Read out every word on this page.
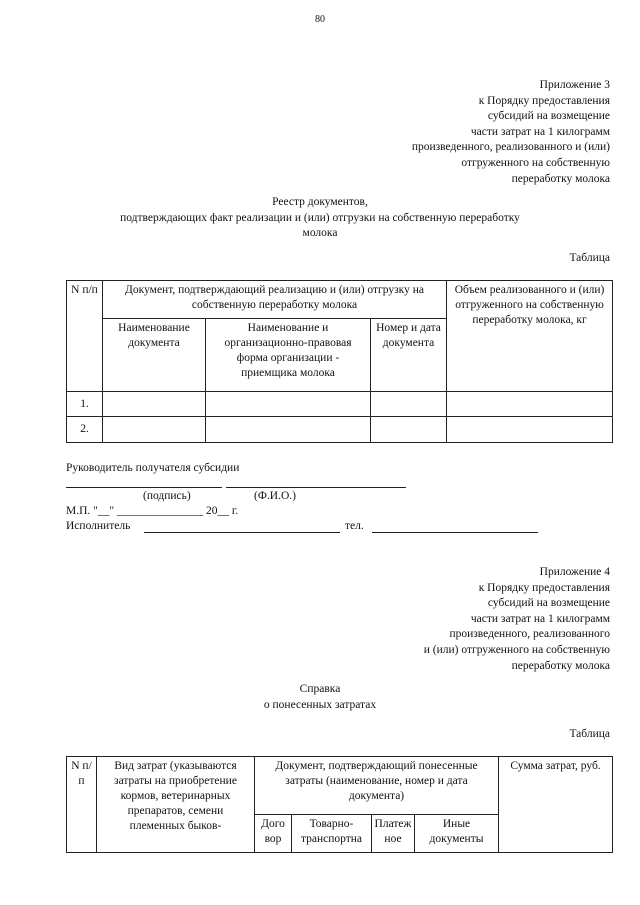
80
Приложение 3
к Порядку предоставления
субсидий на возмещение
части затрат на 1 килограмм
произведенного, реализованного и (или)
отгруженного на собственную
переработку молока
Реестр документов,
подтверждающих факт реализации и (или) отгрузки на собственную переработку
молока
Таблица
N п/п	Документ, подтверждающий реализацию и (или) отгрузку на собственную переработку молока			Объем реализованного и (или) отгруженного на собственную переработку молока, кг
	Наименование документа	Наименование и организационно-правовая форма организации - приемщика молока	Номер и дата документа	
1.				
2.				
Руководитель получателя субсидии
(подпись)	(Ф.И.О.)
М.П. "__" _______________ 20__ г.
Исполнитель	тел.
Приложение 4
к Порядку предоставления
субсидий на возмещение
части затрат на 1 килограмм
произведенного, реализованного
и (или) отгруженного на собственную
переработку молока
Справка
о понесенных затратах
Таблица
N п/п	Вид затрат (указываются затраты на приобретение кормов, ветеринарных препаратов, семени племенных быков-	Документ, подтверждающий понесенные затраты (наименование, номер и дата документа)				Сумма затрат, руб.
		Дого вор	Товарно-транспортна	Платеж ное	Иные документы	
